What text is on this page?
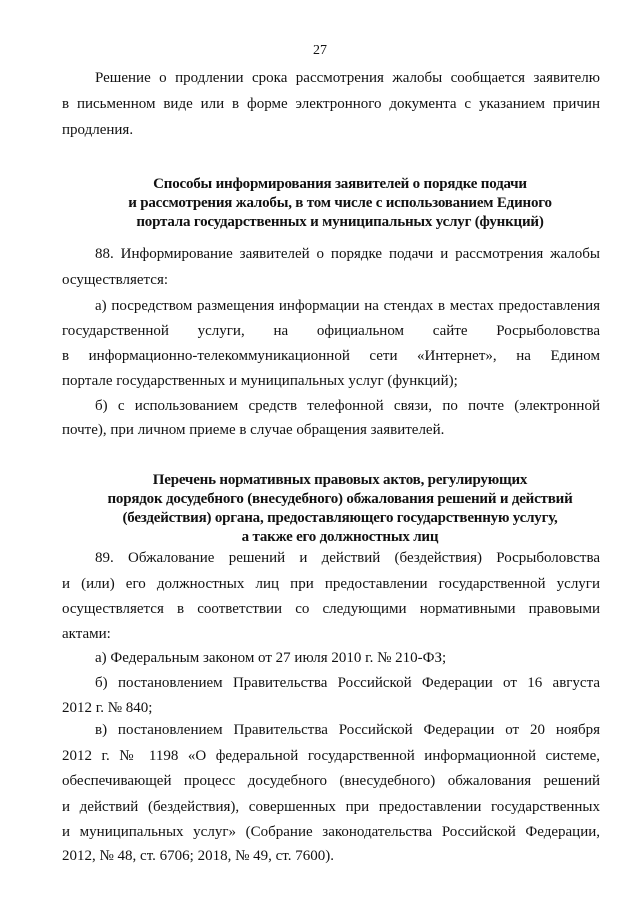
27
Решение о продлении срока рассмотрения жалобы сообщается заявителю
в письменном виде или в форме электронного документа с указанием причин
продления.
Способы информирования заявителей о порядке подачи
и рассмотрения жалобы, в том числе с использованием Единого
портала государственных и муниципальных услуг (функций)
88. Информирование заявителей о порядке подачи и рассмотрения жалобы
осуществляется:
а) посредством размещения информации на стендах в местах предоставления
государственной услуги, на официальном сайте Росрыболовства
в информационно-телекоммуникационной сети «Интернет», на Едином
портале государственных и муниципальных услуг (функций);
б) с использованием средств телефонной связи, по почте (электронной
почте), при личном приеме в случае обращения заявителей.
Перечень нормативных правовых актов, регулирующих
порядок досудебного (внесудебного) обжалования решений и действий
(бездействия) органа, предоставляющего государственную услугу,
а также его должностных лиц
89. Обжалование решений и действий (бездействия) Росрыболовства
и (или) его должностных лиц при предоставлении государственной услуги
осуществляется в соответствии со следующими нормативными правовыми
актами:
а) Федеральным законом от 27 июля 2010 г. № 210-ФЗ;
б) постановлением Правительства Российской Федерации от 16 августа
2012 г. № 840;
в) постановлением Правительства Российской Федерации от 20 ноября
2012 г. № 1198 «О федеральной государственной информационной системе,
обеспечивающей процесс досудебного (внесудебного) обжалования решений
и действий (бездействия), совершенных при предоставлении государственных
и муниципальных услуг» (Собрание законодательства Российской Федерации,
2012, № 48, ст. 6706; 2018, № 49, ст. 7600).
